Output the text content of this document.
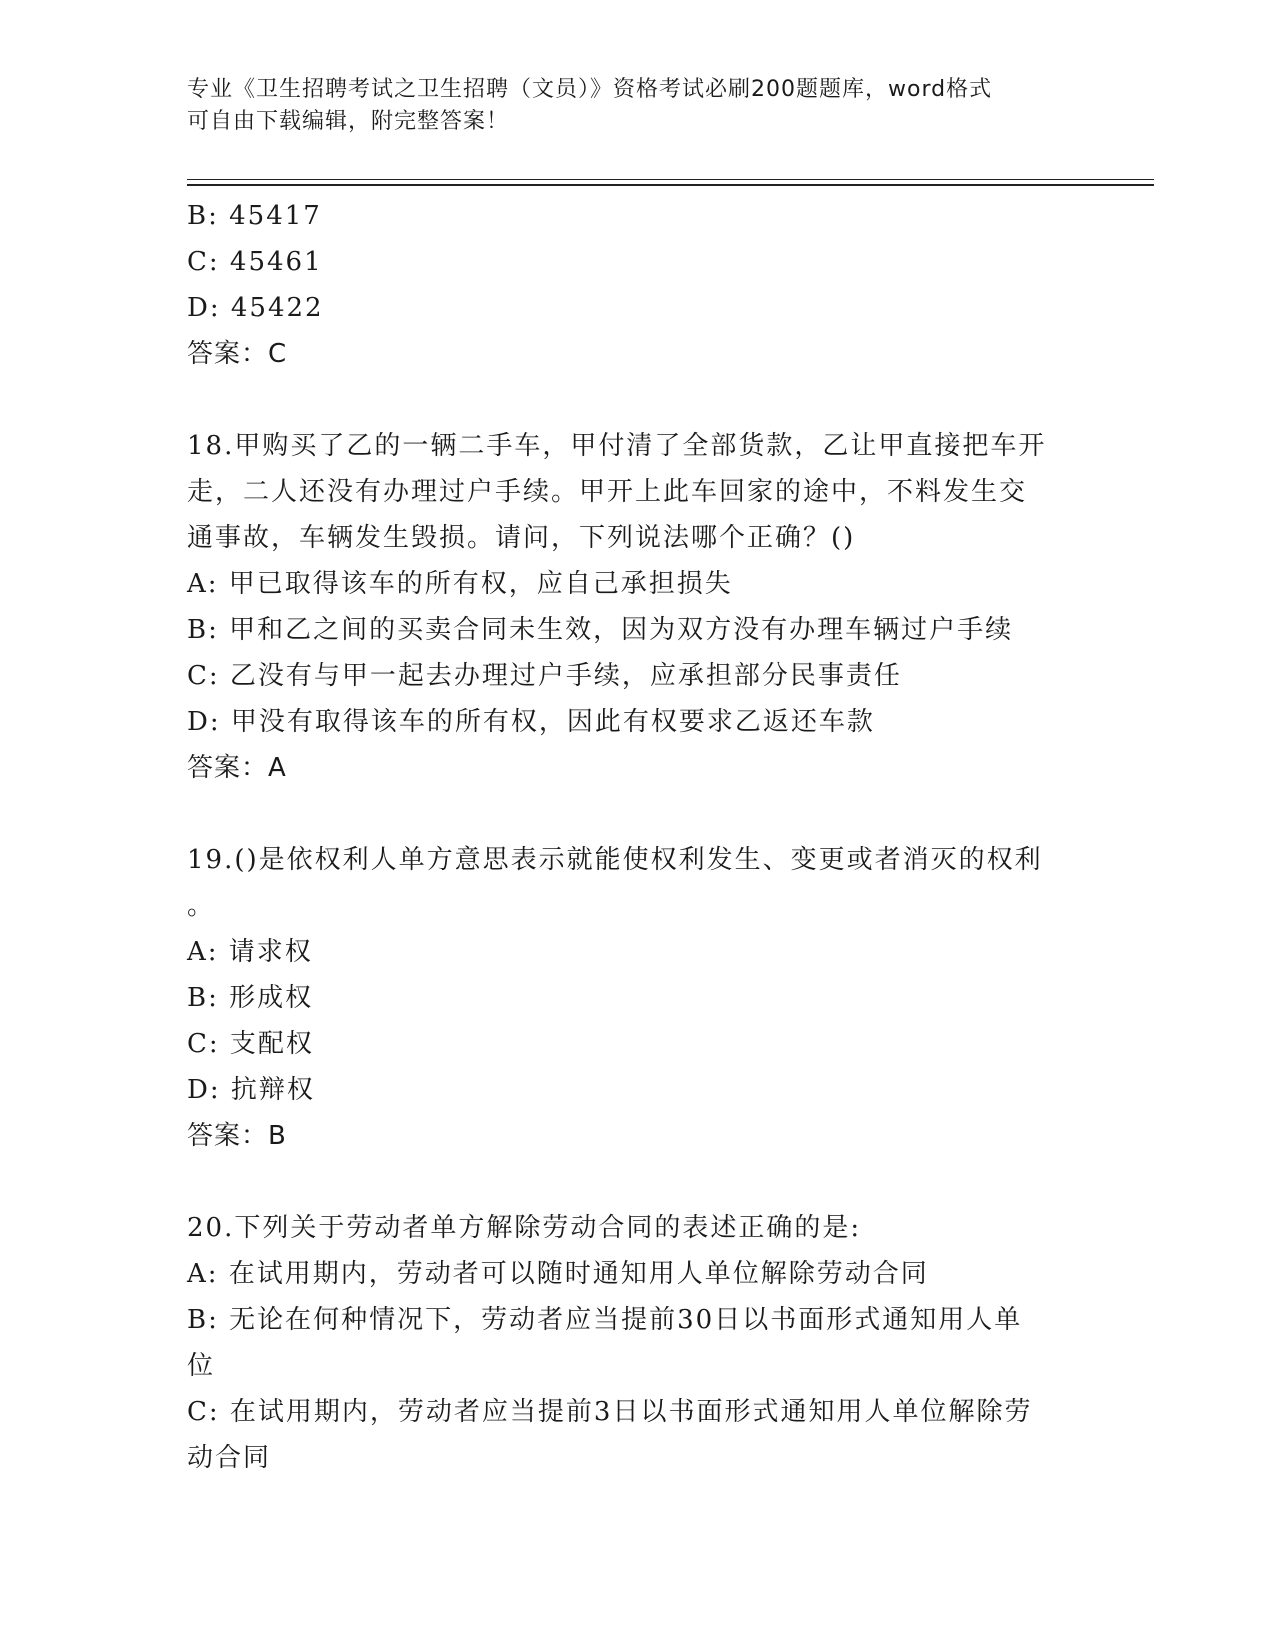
专业《卫生招聘考试之卫生招聘（文员）》资格考试必刷200题题库，word格式
可自由下载编辑，附完整答案！

B: 45417

C: 45461

D: 45422

答案：C

18.甲购买了乙的一辆二手车，甲付清了全部货款，乙让甲直接把车开

走，二人还没有办理过户手续。甲开上此车回家的途中，不料发生交

通事故，车辆发生毁损。请问，下列说法哪个正确？()

A: 甲已取得该车的所有权，应自己承担损失

B: 甲和乙之间的买卖合同未生效，因为双方没有办理车辆过户手续

C: 乙没有与甲一起去办理过户手续，应承担部分民事责任

D: 甲没有取得该车的所有权，因此有权要求乙返还车款

答案：A

19.()是依权利人单方意思表示就能使权利发生、变更或者消灭的权利

。

A: 请求权

B: 形成权

C: 支配权

D: 抗辩权

答案：B

20.下列关于劳动者单方解除劳动合同的表述正确的是:

A: 在试用期内，劳动者可以随时通知用人单位解除劳动合同

B: 无论在何种情况下，劳动者应当提前30日以书面形式通知用人单

位

C: 在试用期内，劳动者应当提前3日以书面形式通知用人单位解除劳

动合同
